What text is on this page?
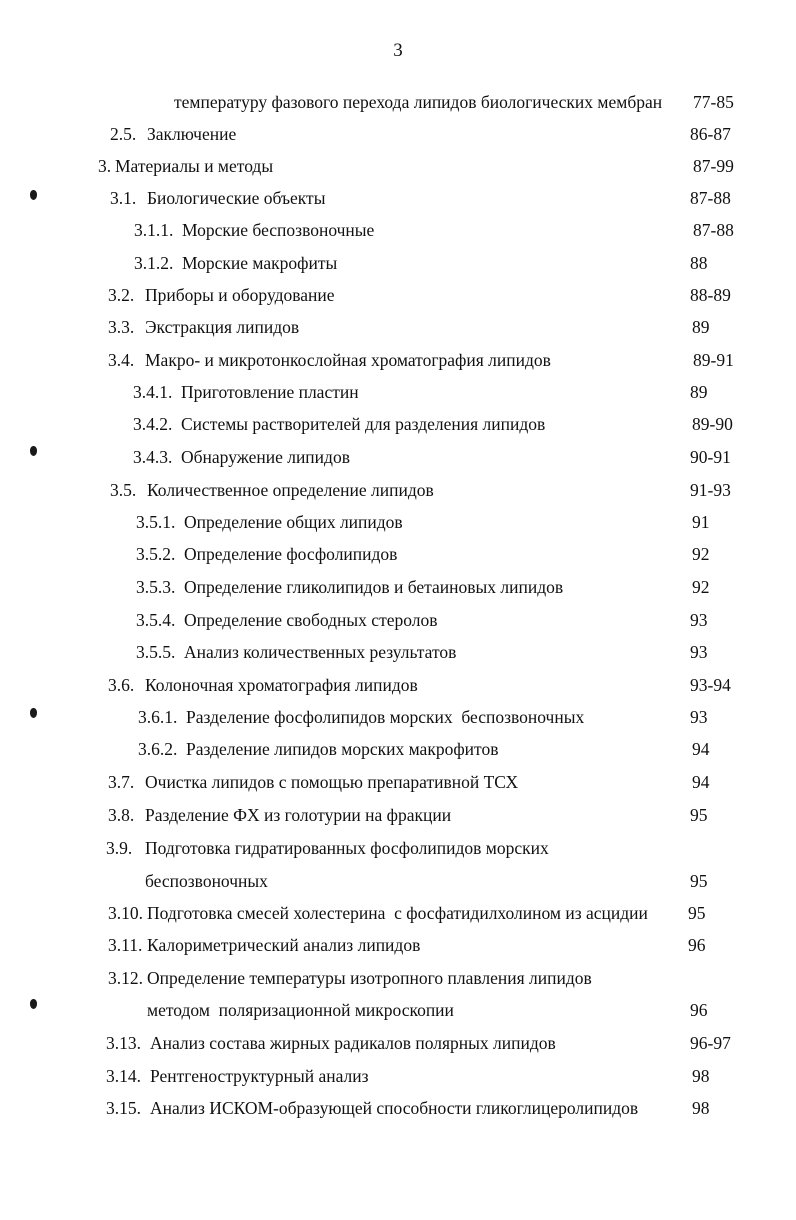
3
температуру фазового перехода липидов биологических мембран 77-85
2.5. Заключение	86-87
3. Материалы и методы	87-99
3.1. Биологические объекты	87-88
3.1.1. Морские беспозвоночные	87-88
3.1.2. Морские макрофиты	88
3.2. Приборы и оборудование	88-89
3.3. Экстракция липидов	89
3.4. Макро- и микротонкослойная хроматография липидов	89-91
3.4.1. Приготовление пластин	89
3.4.2. Системы растворителей для разделения липидов	89-90
3.4.3. Обнаружение липидов	90-91
3.5. Количественное определение липидов	91-93
3.5.1. Определение общих липидов	91
3.5.2. Определение фосфолипидов	92
3.5.3. Определение гликолипидов и бетаиновых липидов	92
3.5.4. Определение свободных стеролов	93
3.5.5. Анализ количественных результатов	93
3.6. Колоночная хроматография липидов	93-94
3.6.1. Разделение фосфолипидов морских  беспозвоночных	93
3.6.2. Разделение липидов морских макрофитов	94
3.7. Очистка липидов с помощью препаративной ТСХ	94
3.8. Разделение ФХ из голотурии на фракции	95
3.9. Подготовка гидратированных фосфолипидов морских
беспозвоночных	95
3.10. Подготовка смесей холестерина  с фосфатидилхолином из асцидии 95
3.11. Калориметрический анализ липидов	96
3.12. Определение температуры изотропного плавления липидов
методом  поляризационной микроскопии	96
3.13. Анализ состава жирных радикалов полярных липидов	96-97
3.14. Рентгеноструктурный анализ	98
3.15. Анализ ИСКОМ-образующей способности гликоглицеролипидов	98
